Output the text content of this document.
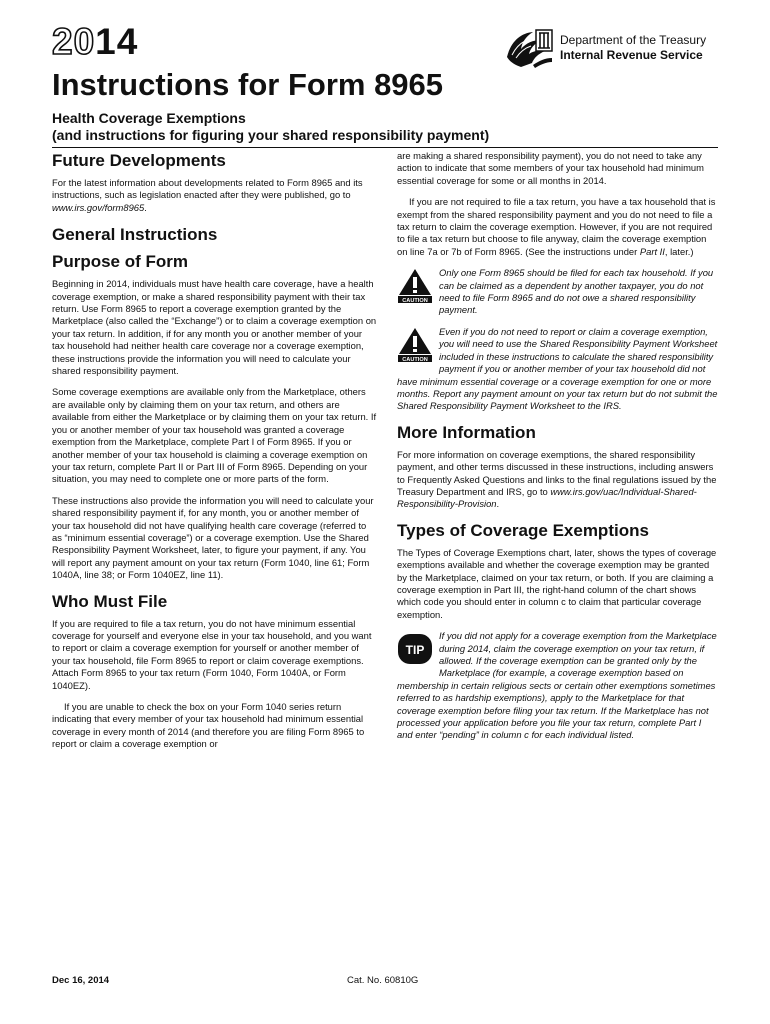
2014	Department of the Treasury
Internal Revenue Service
Instructions for Form 8965
Health Coverage Exemptions
(and instructions for figuring your shared responsibility payment)
Future Developments

For the latest information about developments related to Form 8965 and its instructions, such as legislation enacted after they were published, go to www.irs.gov/form8965.

General Instructions
Purpose of Form

Beginning in 2014, individuals must have health care coverage, have a health coverage exemption, or make a shared responsibility payment with their tax return. Use Form 8965 to report a coverage exemption granted by the Marketplace (also called the “Exchange”) or to claim a coverage exemption on your tax return. In addition, if for any month you or another member of your tax household had neither health care coverage nor a coverage exemption, these instructions provide the information you will need to calculate your shared responsibility payment.

Some coverage exemptions are available only from the Marketplace, others are available only by claiming them on your tax return, and others are available from either the Marketplace or by claiming them on your tax return. If you or another member of your tax household was granted a coverage exemption from the Marketplace, complete Part I of Form 8965. If you or another member of your tax household is claiming a coverage exemption on your tax return, complete Part II or Part III of Form 8965. Depending on your situation, you may need to complete one or more parts of the form.

These instructions also provide the information you will need to calculate your shared responsibility payment if, for any month, you or another member of your tax household did not have qualifying health care coverage (referred to as “minimum essential coverage”) or a coverage exemption. Use the Shared Responsibility Payment Worksheet, later, to figure your payment, if any. You will report any payment amount on your tax return (Form 1040, line 61; Form 1040A, line 38; or Form 1040EZ, line 11).

Who Must File

If you are required to file a tax return, you do not have minimum essential coverage for yourself and everyone else in your tax household, and you want to report or claim a coverage exemption for yourself or another member of your tax household, file Form 8965 to report or claim coverage exemptions. Attach Form 8965 to your tax return (Form 1040, Form 1040A, or Form 1040EZ).

If you are unable to check the box on your Form 1040 series return indicating that every member of your tax household had minimum essential coverage in every month of 2014 (and therefore you are filing Form 8965 to report or claim a coverage exemption or

are making a shared responsibility payment), you do not need to take any action to indicate that some members of your tax household had minimum essential coverage for some or all months in 2014.

If you are not required to file a tax return, you have a tax household that is exempt from the shared responsibility payment and you do not need to file a tax return to claim the coverage exemption. However, if you are not required to file a tax return but choose to file anyway, claim the coverage exemption on line 7a or 7b of Form 8965. (See the instructions under Part II, later.)

CAUTION

Only one Form 8965 should be filed for each tax household. If you can be claimed as a dependent by another taxpayer, you do not need to file Form 8965 and do not owe a shared responsibility payment.

CAUTION

Even if you do not need to report or claim a coverage exemption, you will need to use the Shared Responsibility Payment Worksheet included in these instructions to calculate the shared responsibility payment if you or another member of your tax household did not have minimum essential coverage or a coverage exemption for one or more months. Report any payment amount on your tax return but do not submit the Shared Responsibility Payment Worksheet to the IRS.

More Information

For more information on coverage exemptions, the shared responsibility payment, and other terms discussed in these instructions, including answers to Frequently Asked Questions and links to the final regulations issued by the Treasury Department and IRS, go to www.irs.gov/uac/Individual-Shared-Responsibility-Provision.

Types of Coverage Exemptions

The Types of Coverage Exemptions chart, later, shows the types of coverage exemptions available and whether the coverage exemption may be granted by the Marketplace, claimed on your tax return, or both. If you are claiming a coverage exemption in Part III, the right-hand column of the chart shows which code you should enter in column c to claim that particular coverage exemption.

TIP

If you did not apply for a coverage exemption from the Marketplace during 2014, claim the coverage exemption on your tax return, if allowed. If the coverage exemption can be granted only by the Marketplace (for example, a coverage exemption based on membership in certain religious sects or certain other exemptions sometimes referred to as hardship exemptions), apply to the Marketplace for that coverage exemption before filing your tax return. If the Marketplace has not processed your application before you file your tax return, complete Part I and enter “pending” in column c for each individual listed.

Dec 16, 2014	Cat. No. 60810G
